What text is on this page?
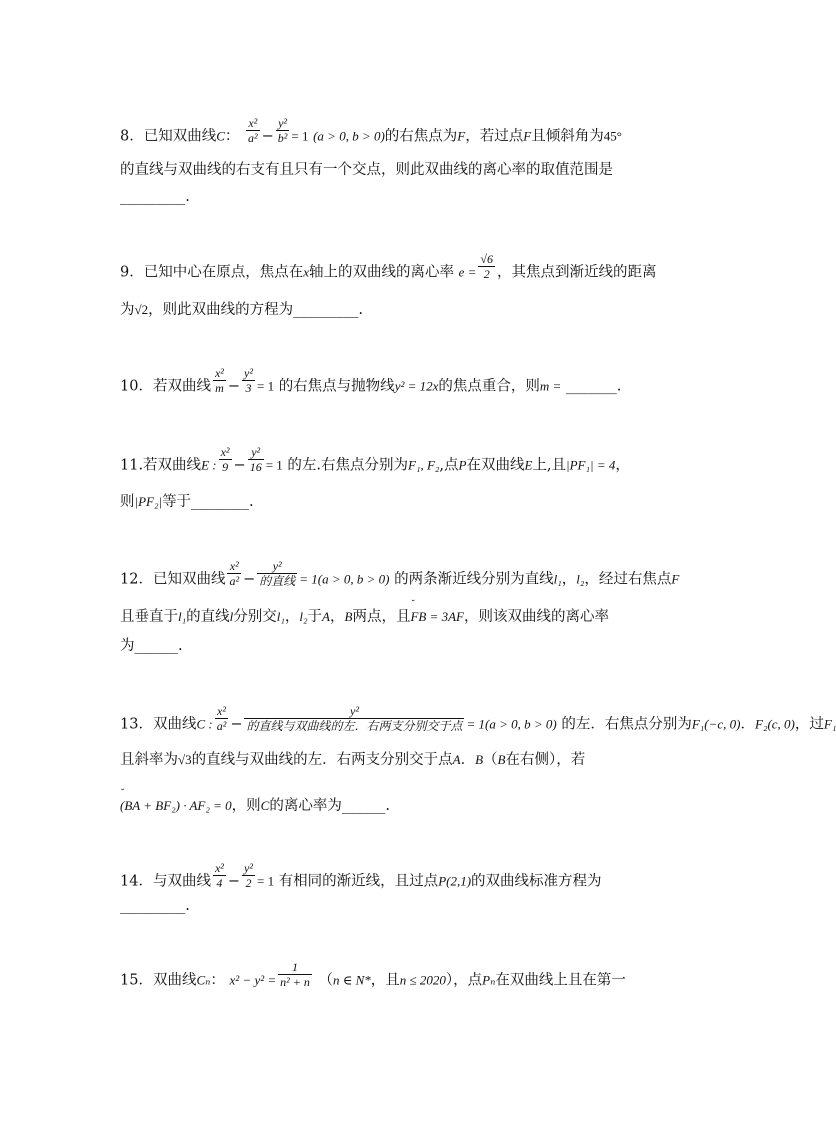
8．已知双曲线C： $\frac{\text{x²}}{\text{a²}} - \frac{\text{y²}}{\text{b²}} = 1$ (a > 0, b > 0)的右焦点为F，若过点F且倾斜角为45°
的直线与双曲线的右支有且只有一个交点，则此双曲线的离心率的取值范围是
_________.
9．已知中心在原点，焦点在x轴上的双曲线的离心率 $e = \frac{√6}{2}$ ，其焦点到渐近线的距离
为√2，则此双曲线的方程为_________.
10．若双曲线 $\frac{\text{x²}}{m} - \frac{\text{y²}}{3} = 1$ 的右焦点与抛物线y² = 12x的焦点重合，则m = _______.
11.若双曲线E : $\frac{\text{x²}}{9} - \frac{\text{y²}}{16} = 1$ 的左.右焦点分别为F₁, F₂,点P在双曲线E上,且|PF₁| = 4，
则|PF₂|等于________.
12．已知双曲线 $\frac{\text{x²}}{\text{a²}} - \frac{\text{y²}}{\text{的直线}} = 1(a > 0$, b > 0) 的两条渐近线分别为直线l₁，l₂，经过右焦点F
且垂直于l₁的直线l分别交l₁，l₂于A，B两点，且˘ FB = 3AF，则该双曲线的离心率
为______.
13．双曲线C : $\frac{\text{x²}}{\text{a²}} - \frac{\text{y²}}{\text{的直线与双曲线的左．右两支分别交于点}} = 1(a > 0$, b > 0) 的左．右焦点分别为F₁(−c, 0)．F₂(c, 0)，过F₁
且斜率为√3的直线与双曲线的左．右两支分别交于点A．B（B在右侧），若
˘ (BA + BF₂) · AF₂ = 0，则C的离心率为______.
14．与双曲线 $\frac{\text{x²}}{4} - \frac{\text{y²}}{2} = 1$ 有相同的渐近线，且过点P(2,1)的双曲线标准方程为
_________.
15．双曲线Cₙ： $x^2 - y^2 = \frac{1}{\text{n² + n}} (n$ ∈ N*，且n ≤ 2020），点Pₙ在双曲线上且在第一
